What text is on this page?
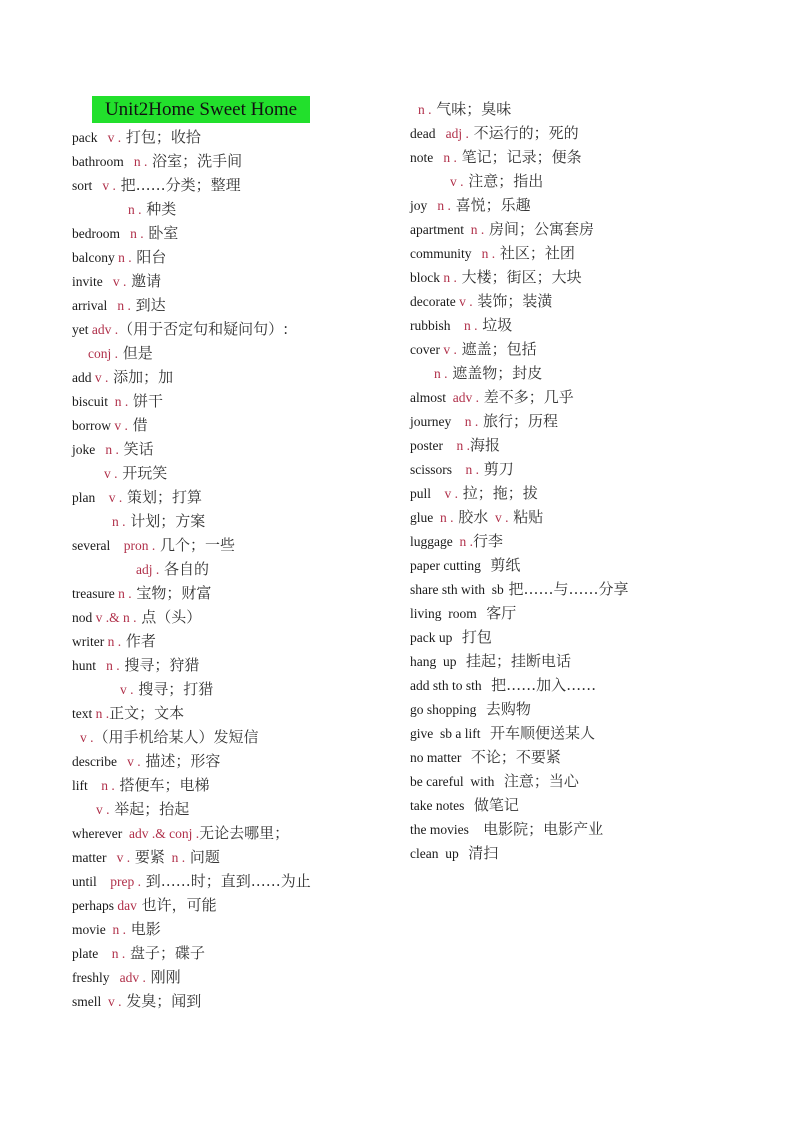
Unit2Home Sweet Home
pack   v . 打包；收拾
bathroom   n . 浴室；洗手间
sort   v . 把……分类；整理
n . 种类
bedroom   n . 卧室
balcony n . 阳台
invite   v . 邀请
arrival   n . 到达
yet adv .（用于否定句和疑问句）:
conj . 但是
add v . 添加；加
biscuit  n . 饼干
borrow v . 借
joke   n . 笑话
v . 开玩笑
plan    v . 策划；打算
n . 计划；方案
several    pron . 几个；一些
adj . 各自的
treasure n . 宝物；财富
nod v .& n . 点（头）
writer n . 作者
hunt   n . 搜寻；狩猎
v . 搜寻；打猎
text n .正文；文本
v .（用手机给某人）发短信
describe   v . 描述；形容
lift    n . 搭便车；电梯
v . 举起；抬起
wherever  adv .& conj .无论去哪里；
matter   v . 要紧  n . 问题
until    prep . 到……时；直到……为止
perhaps dav 也许，可能
movie  n . 电影
plate    n . 盘子；碟子
freshly   adv . 刚刚
smell  v . 发臭；闻到
n . 气味；臭味
dead   adj . 不运行的；死的
note   n . 笔记；记录；便条
v . 注意；指出
joy   n . 喜悦；乐趣
apartment  n . 房间；公寓套房
community   n . 社区；社团
block n . 大楼；街区；大块
decorate v . 装饰；装潢
rubbish    n . 垃圾
cover v . 遮盖；包括
n . 遮盖物；封皮
almost  adv . 差不多；几乎
journey    n . 旅行；历程
poster    n .海报
scissors    n . 剪刀
pull    v . 拉；拖；拔
glue  n . 胶水  v . 粘贴
luggage  n .行李
paper cutting  剪纸
share sth with  sb 把……与……分享
living  room  客厅
pack up  打包
hang  up  挂起；挂断电话
add sth to sth  把……加入……
go shopping  去购物
give  sb a lift  开车顺便送某人
no matter  不论；不要紧
be careful  with  注意；当心
take notes  做笔记
the movies   电影院；电影产业
clean  up  清扫
